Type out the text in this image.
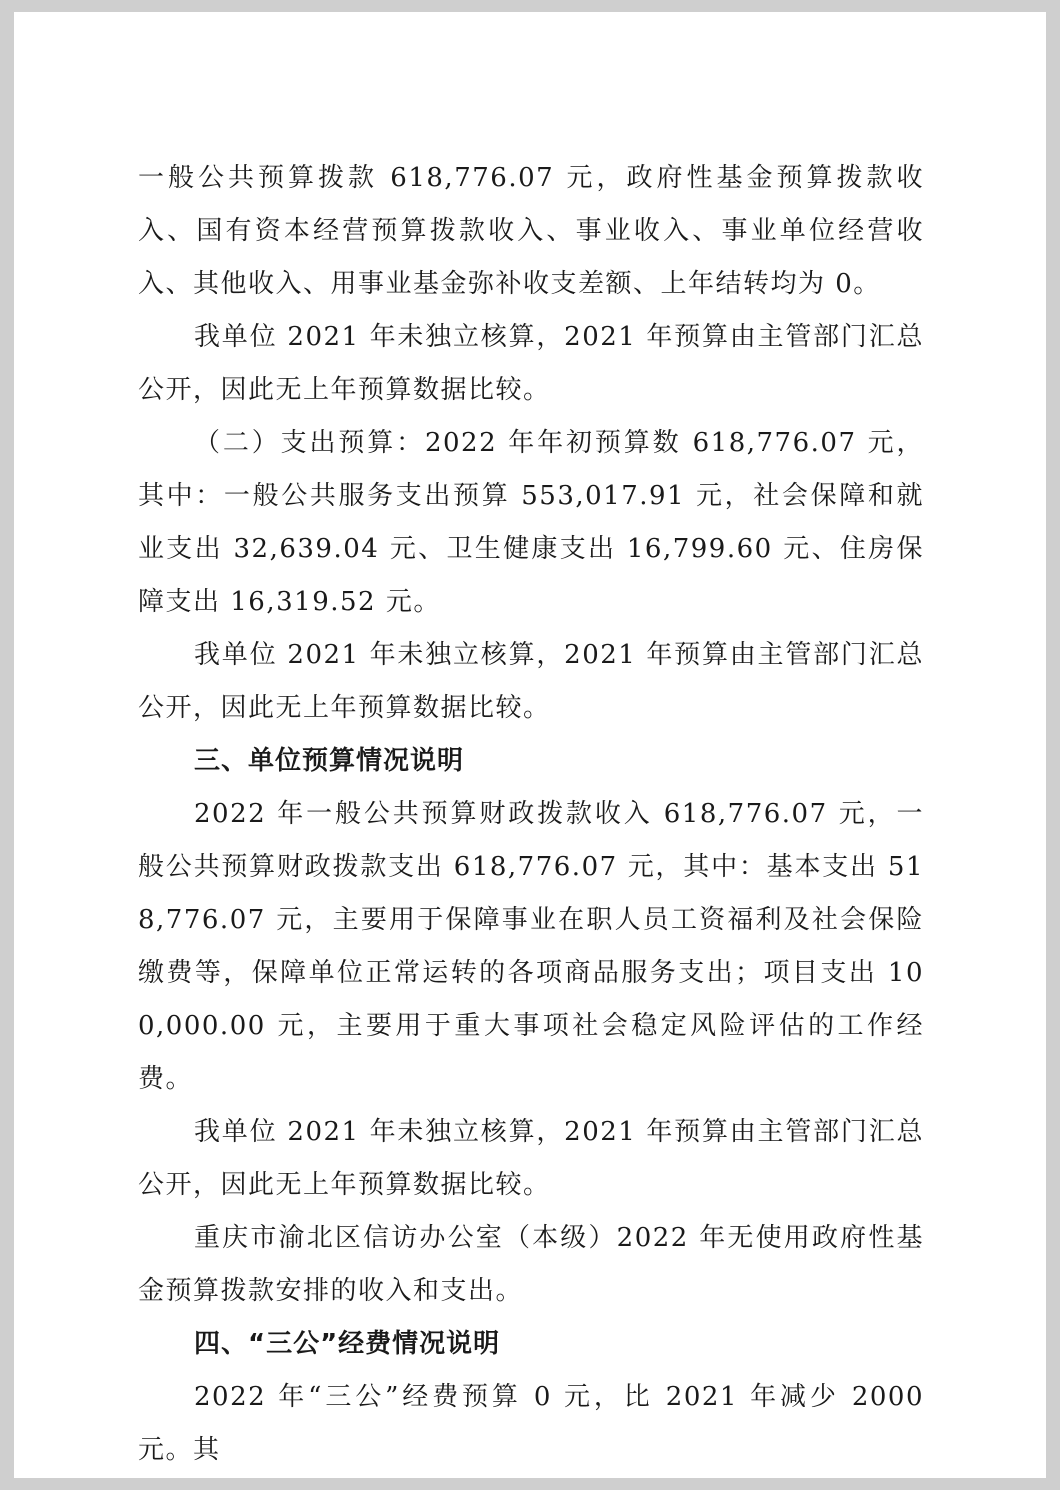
一般公共预算拨款 618,776.07 元，政府性基金预算拨款收入、国有资本经营预算拨款收入、事业收入、事业单位经营收入、其他收入、用事业基金弥补收支差额、上年结转均为 0。

我单位 2021 年未独立核算，2021 年预算由主管部门汇总公开，因此无上年预算数据比较。

（二）支出预算：2022 年年初预算数 618,776.07 元，其中：一般公共服务支出预算 553,017.91 元，社会保障和就业支出 32,639.04 元、卫生健康支出 16,799.60 元、住房保障支出 16,319.52 元。

我单位 2021 年未独立核算，2021 年预算由主管部门汇总公开，因此无上年预算数据比较。

三、单位预算情况说明

2022 年一般公共预算财政拨款收入 618,776.07 元，一般公共预算财政拨款支出 618,776.07 元，其中：基本支出 518,776.07 元，主要用于保障事业在职人员工资福利及社会保险缴费等，保障单位正常运转的各项商品服务支出；项目支出 100,000.00 元，主要用于重大事项社会稳定风险评估的工作经费。

我单位 2021 年未独立核算，2021 年预算由主管部门汇总公开，因此无上年预算数据比较。

重庆市渝北区信访办公室（本级）2022 年无使用政府性基金预算拨款安排的收入和支出。

四、“三公”经费情况说明

2022 年“三公”经费预算 0 元，比 2021 年减少 2000 元。其
